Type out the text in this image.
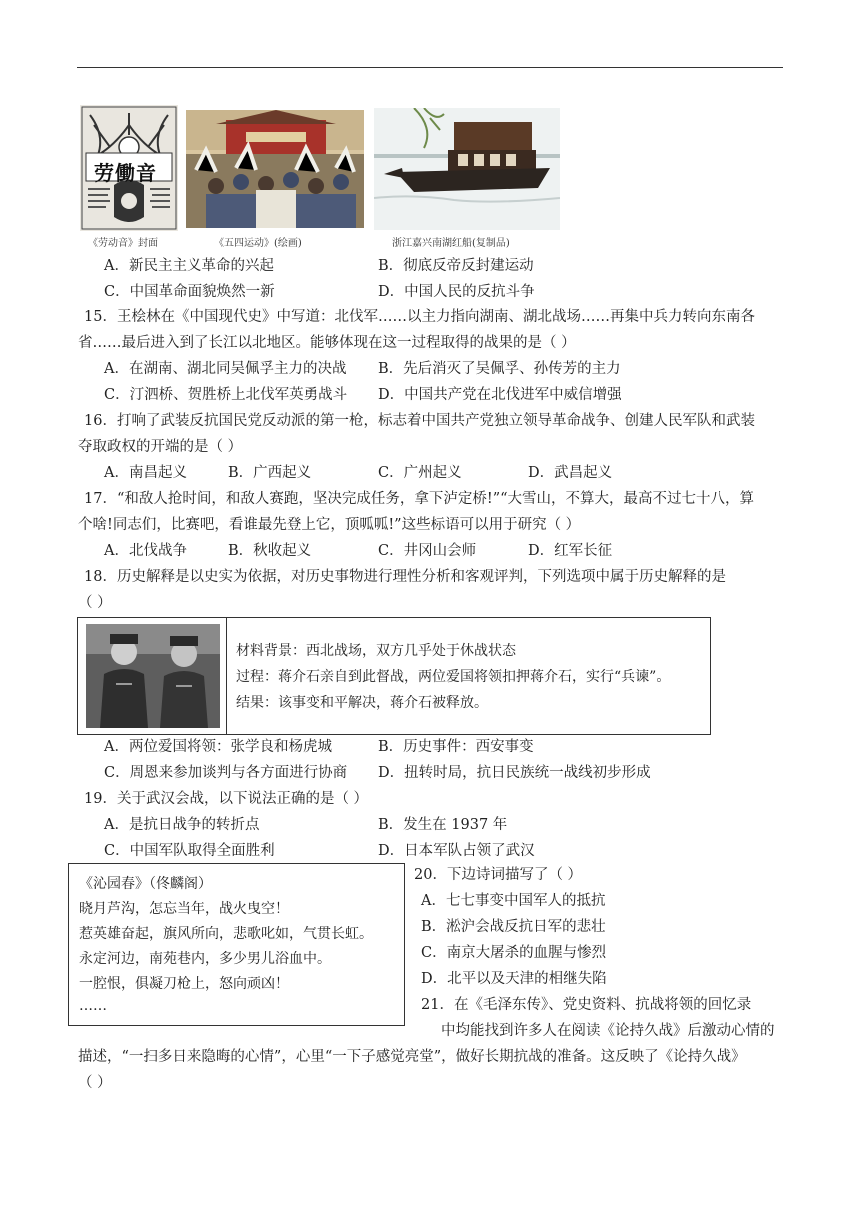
劳働音
《劳动音》封面	《五四运动》(绘画)	浙江嘉兴南湖红船(复制品)
A．新民主主义革命的兴起	B．彻底反帝反封建运动
C．中国革命面貌焕然一新	D．中国人民的反抗斗争
15．王桧林在《中国现代史》中写道：北伐军……以主力指向湖南、湖北战场……再集中兵力转向东南各
省……最后进入到了长江以北地区。能够体现在这一过程取得的战果的是（ ）
A．在湖南、湖北同吴佩孚主力的决战 B．先后消灭了吴佩孚、孙传芳的主力
C．汀泗桥、贺胜桥上北伐军英勇战斗 D．中国共产党在北伐进军中威信增强
16．打响了武装反抗国民党反动派的第一枪，标志着中国共产党独立领导革命战争、创建人民军队和武装
夺取政权的开端的是（ ）
A．南昌起义	B．广西起义	C．广州起义	D．武昌起义
17．“和敌人抢时间，和敌人赛跑，坚决完成任务，拿下泸定桥!”“大雪山，不算大，最高不过七十八，算
个啥!同志们，比赛吧，看谁最先登上它，顶呱呱!”这些标语可以用于研究（ ）
A．北伐战争	B．秋收起义	C．井冈山会师	D．红军长征
18．历史解释是以史实为依据，对历史事物进行理性分析和客观评判，下列选项中属于历史解释的是
（ ）
材料背景：西北战场，双方几乎处于休战状态
过程：蒋介石亲自到此督战，两位爱国将领扣押蒋介石，实行“兵谏”。
结果：该事变和平解决，蒋介石被释放。
A．两位爱国将领：张学良和杨虎城	B．历史事件：西安事变
C．周恩来参加谈判与各方面进行协商 D．扭转时局，抗日民族统一战线初步形成
19．关于武汉会战，以下说法正确的是（ ）
A．是抗日战争的转折点	B．发生在 1937 年
C．中国军队取得全面胜利	D．日本军队占领了武汉
《沁园春》（佟麟阁）
晓月芦沟，怎忘当年，战火曳空！
惹英雄奋起，旗风所向，悲歌叱如，气贯长虹。
永定河边，南苑巷内，多少男儿浴血中。
一腔恨，俱凝刀枪上，怒向顽凶！
……
20．下边诗词描写了（ ）
A．七七事变中国军人的抵抗
B．淞沪会战反抗日军的悲壮
C．南京大屠杀的血腥与惨烈
D．北平以及天津的相继失陷
21．在《毛泽东传》、党史资料、抗战将领的回忆录
中均能找到许多人在阅读《论持久战》后激动心情的
描述，“一扫多日来隐晦的心情”，心里“一下子感觉亮堂”，做好长期抗战的准备。这反映了《论持久战》
（ ）
